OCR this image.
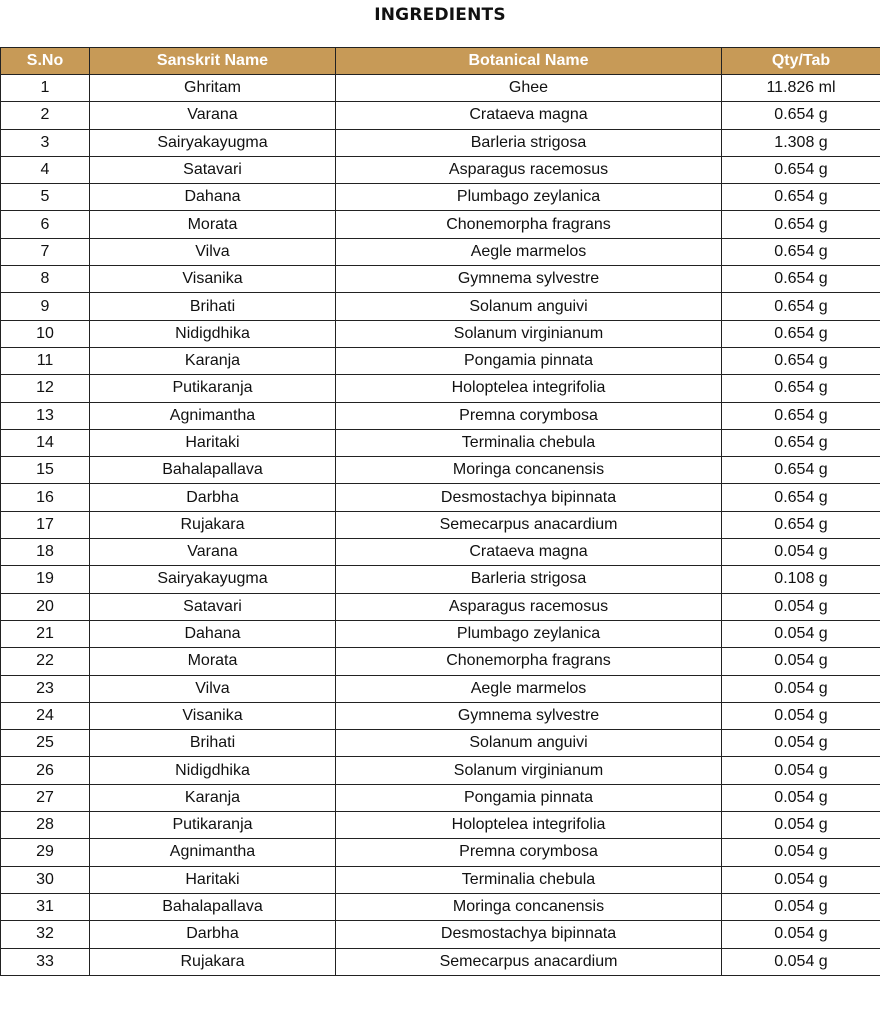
INGREDIENTS
S.No	Sanskrit Name	Botanical Name	Qty/Tab
1	Ghritam	Ghee	11.826 ml
2	Varana	Crataeva magna	0.654 g
3	Sairyakayugma	Barleria strigosa	1.308 g
4	Satavari	Asparagus racemosus	0.654 g
5	Dahana	Plumbago zeylanica	0.654 g
6	Morata	Chonemorpha fragrans	0.654 g
7	Vilva	Aegle marmelos	0.654 g
8	Visanika	Gymnema sylvestre	0.654 g
9	Brihati	Solanum anguivi	0.654 g
10	Nidigdhika	Solanum virginianum	0.654 g
11	Karanja	Pongamia pinnata	0.654 g
12	Putikaranja	Holoptelea integrifolia	0.654 g
13	Agnimantha	Premna corymbosa	0.654 g
14	Haritaki	Terminalia chebula	0.654 g
15	Bahalapallava	Moringa concanensis	0.654 g
16	Darbha	Desmostachya bipinnata	0.654 g
17	Rujakara	Semecarpus anacardium	0.654 g
18	Varana	Crataeva magna	0.054 g
19	Sairyakayugma	Barleria strigosa	0.108 g
20	Satavari	Asparagus racemosus	0.054 g
21	Dahana	Plumbago zeylanica	0.054 g
22	Morata	Chonemorpha fragrans	0.054 g
23	Vilva	Aegle marmelos	0.054 g
24	Visanika	Gymnema sylvestre	0.054 g
25	Brihati	Solanum anguivi	0.054 g
26	Nidigdhika	Solanum virginianum	0.054 g
27	Karanja	Pongamia pinnata	0.054 g
28	Putikaranja	Holoptelea integrifolia	0.054 g
29	Agnimantha	Premna corymbosa	0.054 g
30	Haritaki	Terminalia chebula	0.054 g
31	Bahalapallava	Moringa concanensis	0.054 g
32	Darbha	Desmostachya bipinnata	0.054 g
33	Rujakara	Semecarpus anacardium	0.054 g
